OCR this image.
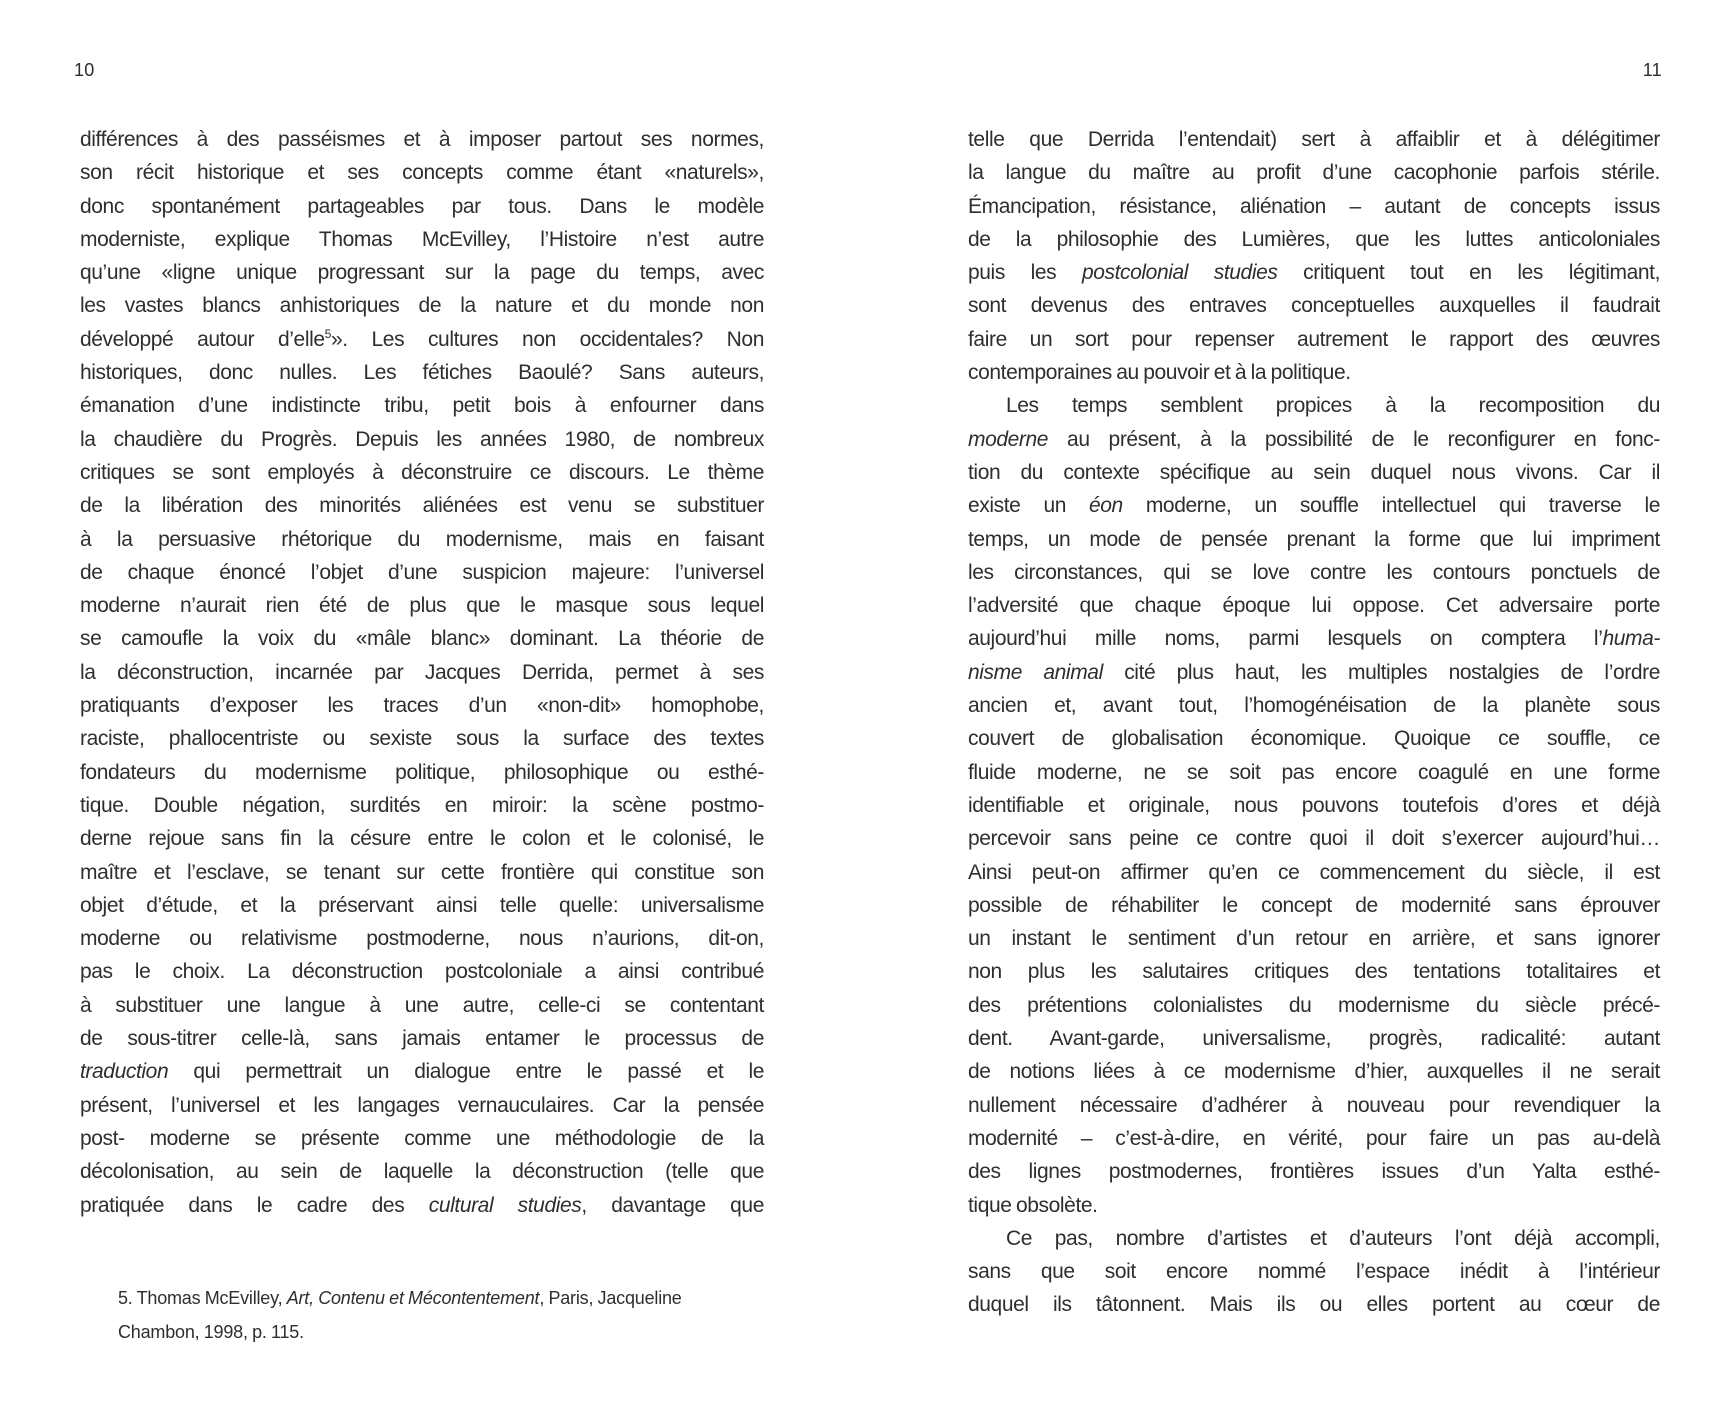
10	11
différences à des passéismes et à imposer partout ses normes,
son récit historique et ses concepts comme étant «naturels»,
donc spontanément partageables par tous. Dans le modèle
moderniste, explique Thomas McEvilley, l’Histoire n’est autre
qu’une «ligne unique progressant sur la page du temps, avec
les vastes blancs anhistoriques de la nature et du monde non
développé autour d’elle$^5$». Les cultures non occidentales? Non
historiques, donc nulles. Les fétiches Baoulé? Sans auteurs,
émanation d’une indistincte tribu, petit bois à enfourner dans
la chaudière du Progrès. Depuis les années 1980, de nombreux
critiques se sont employés à déconstruire ce discours. Le thème
de la libération des minorités aliénées est venu se substituer
à la persuasive rhétorique du modernisme, mais en faisant
de chaque énoncé l’objet d’une suspicion majeure: l’universel
moderne n’aurait rien été de plus que le masque sous lequel
se camoufle la voix du «mâle blanc» dominant. La théorie de
la déconstruction, incarnée par Jacques Derrida, permet à ses
pratiquants d’exposer les traces d’un «non-dit» homophobe,
raciste, phallocentriste ou sexiste sous la surface des textes
fondateurs du modernisme politique, philosophique ou esthé-
tique. Double négation, surdités en miroir: la scène postmo-
derne rejoue sans fin la césure entre le colon et le colonisé, le
maître et l’esclave, se tenant sur cette frontière qui constitue son
objet d’étude, et la préservant ainsi telle quelle: universalisme
moderne ou relativisme postmoderne, nous n’aurions, dit-on,
pas le choix. La déconstruction postcoloniale a ainsi contribué
à substituer une langue à une autre, celle-ci se contentant
de sous-titrer celle-là, sans jamais entamer le processus de
traduction qui permettrait un dialogue entre le passé et le
présent, l’universel et les langages vernauculaires. Car la pensée
post- moderne se présente comme une méthodologie de la
décolonisation, au sein de laquelle la déconstruction (telle que
pratiquée dans le cadre des cultural studies, davantage que
5. Thomas McEvilley, Art, Contenu et Mécontentement, Paris, Jacqueline
Chambon, 1998, p. 115.
telle que Derrida l’entendait) sert à affaiblir et à délégitimer
la langue du maître au profit d’une cacophonie parfois stérile.
Émancipation, résistance, aliénation – autant de concepts issus
de la philosophie des Lumières, que les luttes anticoloniales
puis les postcolonial studies critiquent tout en les légitimant,
sont devenus des entraves conceptuelles auxquelles il faudrait
faire un sort pour repenser autrement le rapport des œuvres
contemporaines au pouvoir et à la politique.
Les temps semblent propices à la recomposition du
moderne au présent, à la possibilité de le reconfigurer en fonc-
tion du contexte spécifique au sein duquel nous vivons. Car il
existe un éon moderne, un souffle intellectuel qui traverse le
temps, un mode de pensée prenant la forme que lui impriment
les circonstances, qui se love contre les contours ponctuels de
l’adversité que chaque époque lui oppose. Cet adversaire porte
aujourd’hui mille noms, parmi lesquels on comptera l’huma-
nisme animal cité plus haut, les multiples nostalgies de l’ordre
ancien et, avant tout, l’homogénéisation de la planète sous
couvert de globalisation économique. Quoique ce souffle, ce
fluide moderne, ne se soit pas encore coagulé en une forme
identifiable et originale, nous pouvons toutefois d’ores et déjà
percevoir sans peine ce contre quoi il doit s’exercer aujourd’hui…
Ainsi peut-on affirmer qu’en ce commencement du siècle, il est
possible de réhabiliter le concept de modernité sans éprouver
un instant le sentiment d’un retour en arrière, et sans ignorer
non plus les salutaires critiques des tentations totalitaires et
des prétentions colonialistes du modernisme du siècle précé-
dent. Avant-garde, universalisme, progrès, radicalité: autant
de notions liées à ce modernisme d’hier, auxquelles il ne serait
nullement nécessaire d’adhérer à nouveau pour revendiquer la
modernité – c’est-à-dire, en vérité, pour faire un pas au-delà
des lignes postmodernes, frontières issues d’un Yalta esthé-
tique obsolète.
Ce pas, nombre d’artistes et d’auteurs l’ont déjà accompli,
sans que soit encore nommé l’espace inédit à l’intérieur
duquel ils tâtonnent. Mais ils ou elles portent au cœur de
